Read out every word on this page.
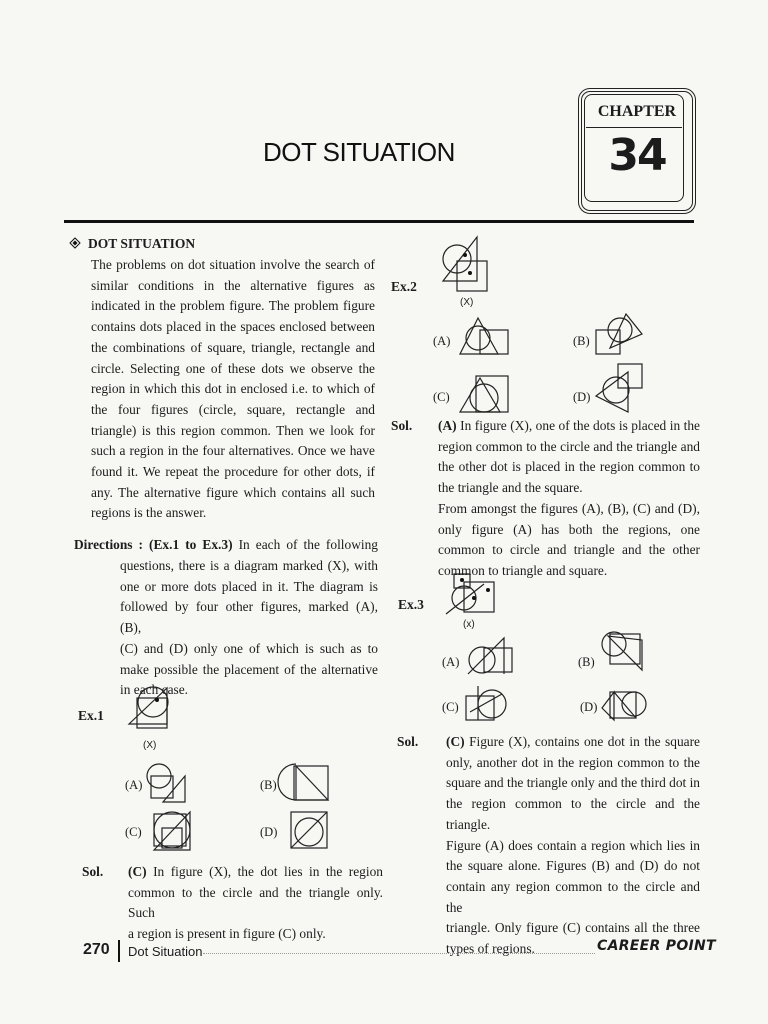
DOT SITUATION
CHAPTER
34
DOT SITUATION
The problems on dot situation involve the search of
similar conditions in the alternative figures as
indicated in the problem figure. The problem figure
contains dots placed in the spaces enclosed between
the combinations of square, triangle, rectangle and
circle. Selecting one of these dots we observe the
region in which this dot in enclosed i.e. to which of
the four figures (circle, square, rectangle and
triangle) is this region common. Then we look for
such a region in the four alternatives. Once we have
found it. We repeat the procedure for other dots, if
any. The alternative figure which contains all such
regions is the answer.
Directions : (Ex.1 to Ex.3) In each of the following
questions, there is a diagram marked (X), with
one or more dots placed in it. The diagram is
followed by four other figures, marked (A), (B),
(C) and (D) only one of which is such as to
make possible the placement of the alternative
in each case.
Ex.1
(X)
(A)	(B)
(C)	(D)
Sol. (C) In figure (X), the dot lies in the region
common to the circle and the triangle only. Such
a region is present in figure (C) only.
Ex.2
(X)
(A)	(B)
(C)	(D)
Sol. (A) In figure (X), one of the dots is placed in the
region common to the circle and the triangle and
the other dot is placed in the region common to
the triangle and the square.
From amongst the figures (A), (B), (C) and (D),
only figure (A) has both the regions, one
common to circle and triangle and the other
common to triangle and square.
Ex.3
(x)
(A)	(B)
(C)	(D)
Sol. (C) Figure (X), contains one dot in the square
only, another dot in the region common to the
square and the triangle only and the third dot in
the region common to the circle and the triangle.
Figure (A) does contain a region which lies in
the square alone. Figures (B) and (D) do not
contain any region common to the circle and the
triangle. Only figure (C) contains all the three
types of regions.
270 Dot Situation	CAREER POINT
